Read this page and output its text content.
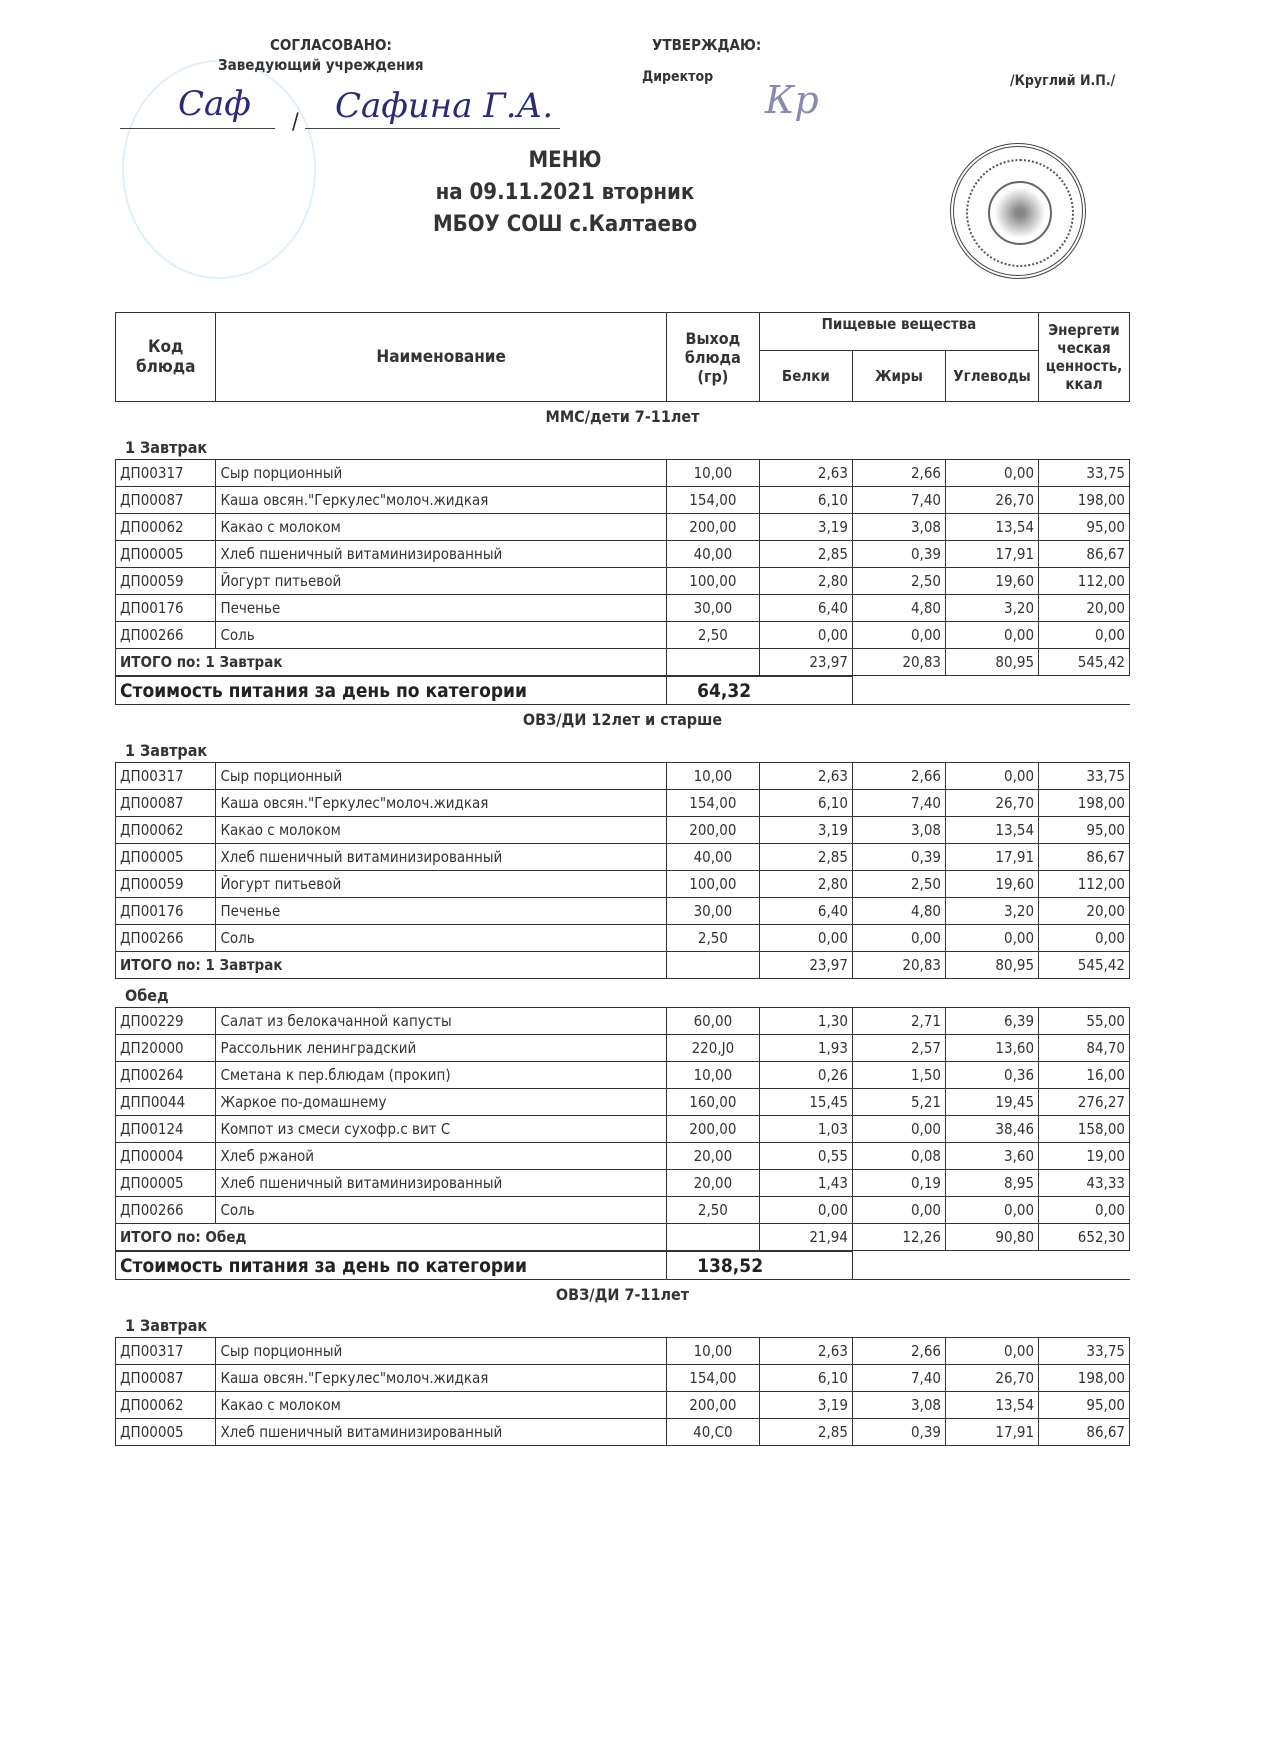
СОГЛАСОВАНО:
Заведующий учреждения
/
Саф Сафина Г.А.
УТВЕРЖДАЮ:
Директор
Кр	/Круглий И.П./
МЕНЮ
на 09.11.2021 вторник
МБОУ СОШ с.Калтаево
Код блюда	Наименование	Выход блюда (гр)	Пищевые вещества			Энергети ческая ценность, ккал
			Белки	Жиры	Углеводы	
ММС/дети 7-11лет
1 Завтрак
ДП00317	Сыр порционный	10,00	2,63	2,66	0,00	33,75
ДП00087	Каша овсян."Геркулес"молоч.жидкая	154,00	6,10	7,40	26,70	198,00
ДП00062	Какао с молоком	200,00	3,19	3,08	13,54	95,00
ДП00005	Хлеб пшеничный витаминизированный	40,00	2,85	0,39	17,91	86,67
ДП00059	Йогурт питьевой	100,00	2,80	2,50	19,60	112,00
ДП00176	Печенье	30,00	6,40	4,80	3,20	20,00
ДП00266	Соль	2,50	0,00	0,00	0,00	0,00
ИТОГО по: 1 Завтрак			23,97	20,83	80,95	545,42
Стоимость питания за день по категории	64,32	
ОВЗ/ДИ 12лет и старше
1 Завтрак
ДП00317	Сыр порционный	10,00	2,63	2,66	0,00	33,75
ДП00087	Каша овсян."Геркулес"молоч.жидкая	154,00	6,10	7,40	26,70	198,00
ДП00062	Какао с молоком	200,00	3,19	3,08	13,54	95,00
ДП00005	Хлеб пшеничный витаминизированный	40,00	2,85	0,39	17,91	86,67
ДП00059	Йогурт питьевой	100,00	2,80	2,50	19,60	112,00
ДП00176	Печенье	30,00	6,40	4,80	3,20	20,00
ДП00266	Соль	2,50	0,00	0,00	0,00	0,00
ИТОГО по: 1 Завтрак			23,97	20,83	80,95	545,42
Обед
ДП00229	Салат из белокачанной капусты	60,00	1,30	2,71	6,39	55,00
ДП20000	Рассольник ленинградский	220,J0	1,93	2,57	13,60	84,70
ДП00264	Сметана к пер.блюдам (прокип)	10,00	0,26	1,50	0,36	16,00
ДПП0044	Жаркое по-домашнему	160,00	15,45	5,21	19,45	276,27
ДП00124	Компот из смеси сухофр.с вит С	200,00	1,03	0,00	38,46	158,00
ДП00004	Хлеб ржаной	20,00	0,55	0,08	3,60	19,00
ДП00005	Хлеб пшеничный витаминизированный	20,00	1,43	0,19	8,95	43,33
ДП00266	Соль	2,50	0,00	0,00	0,00	0,00
ИТОГО по: Обед			21,94	12,26	90,80	652,30
Стоимость питания за день по категории	138,52	
ОВЗ/ДИ 7-11лет
1 Завтрак
ДП00317	Сыр порционный	10,00	2,63	2,66	0,00	33,75
ДП00087	Каша овсян."Геркулес"молоч.жидкая	154,00	6,10	7,40	26,70	198,00
ДП00062	Какао с молоком	200,00	3,19	3,08	13,54	95,00
ДП00005	Хлеб пшеничный витаминизированный	40,C0	2,85	0,39	17,91	86,67
